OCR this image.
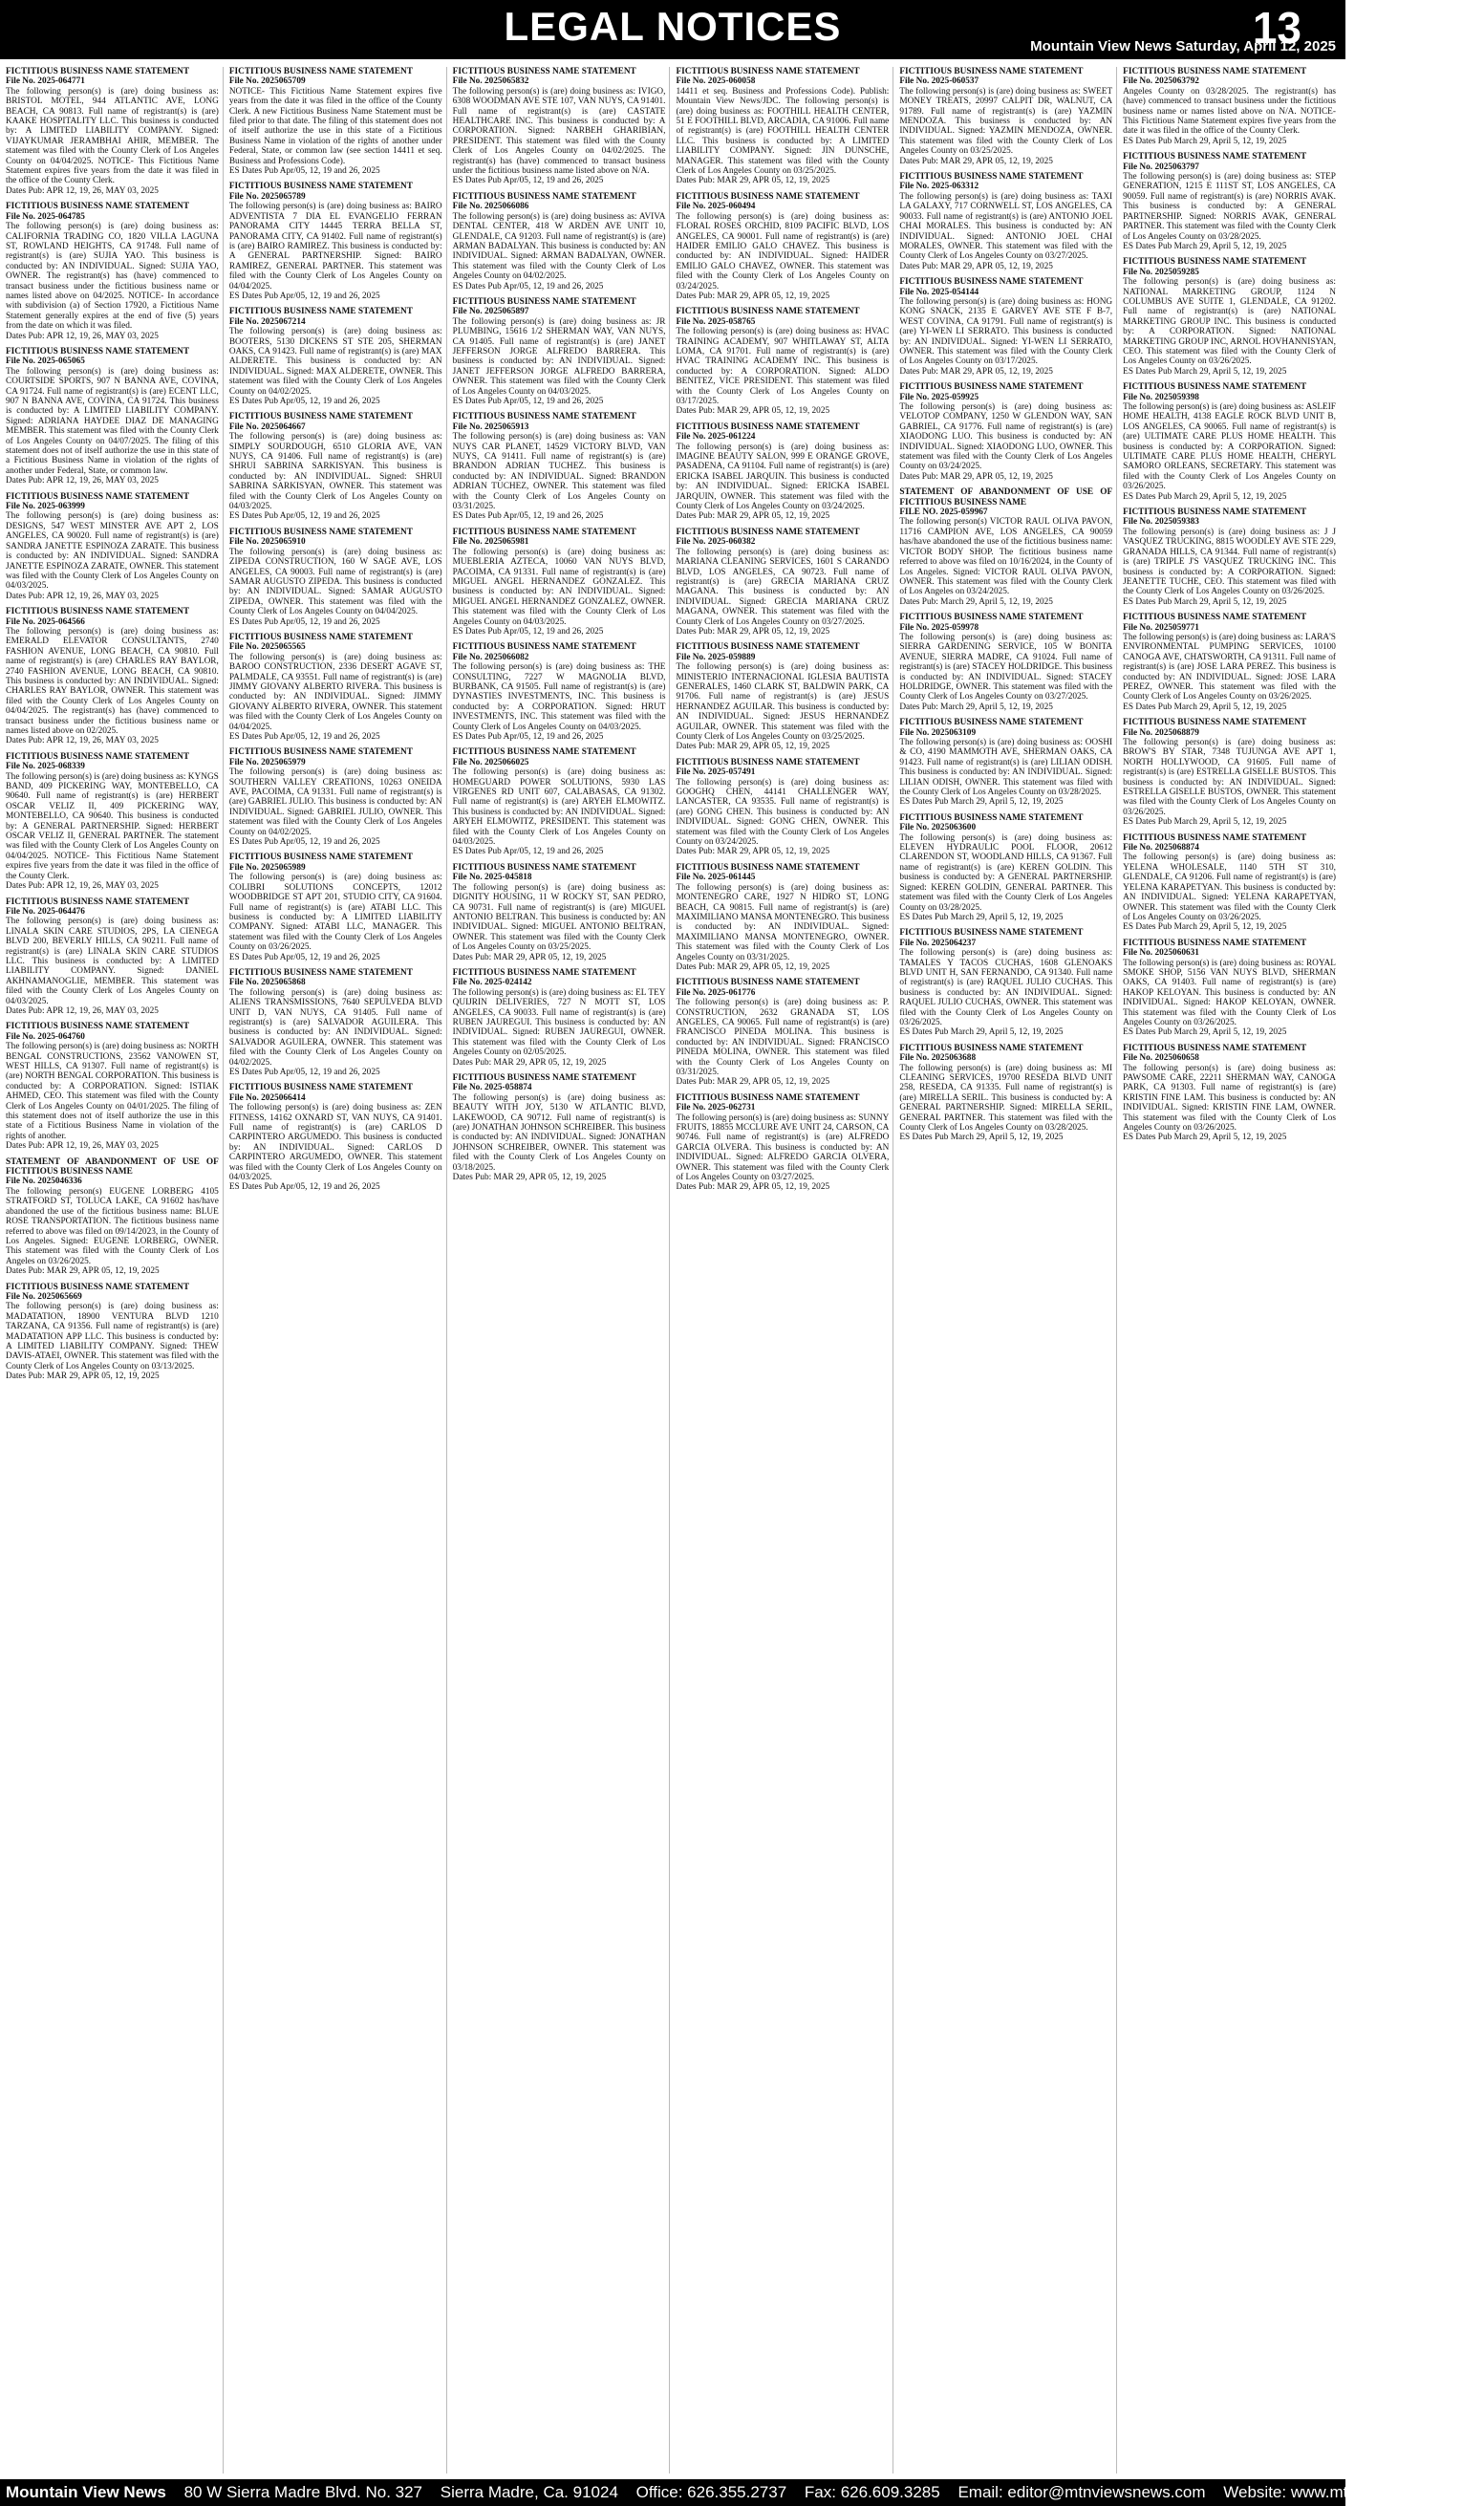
LEGAL NOTICES	13
Mountain View News Saturday, April 12, 2025
FICTITIOUS BUSINESS NAME STATEMENT
File No. 2025-064771
The following person(s) is (are) doing business as: BRISTOL MOTEL, 944 ATLANTIC AVE, LONG BEACH, CA 90813. Full name of registrant(s) is (are) KAAKE HOSPITALITY LLC. This business is conducted by: A LIMITED LIABILITY COMPANY. Signed: VIJAYKUMAR JERAMBHAI AHIR, MEMBER. The statement was filed with the County Clerk of Los Angeles County on 04/04/2025. NOTICE- This Fictitious Name Statement expires five years from the date it was filed in the office of the County Clerk.
Dates Pub: APR 12, 19, 26, MAY 03, 2025
FICTITIOUS BUSINESS NAME STATEMENT
File No. 2025-064785
The following person(s) is (are) doing business as: CALIFORNIA TRADING CO, 1820 VILLA LAGUNA ST, ROWLAND HEIGHTS, CA 91748. Full name of registrant(s) is (are) SUJIA YAO. This business is conducted by: AN INDIVIDUAL. Signed: SUJIA YAO, OWNER. The registrant(s) has (have) commenced to transact business under the fictitious business name or names listed above on 04/2025. NOTICE- In accordance with subdivision (a) of Section 17920, a Fictitious Name Statement generally expires at the end of five (5) years from the date on which it was filed.
Dates Pub: APR 12, 19, 26, MAY 03, 2025
FICTITIOUS BUSINESS NAME STATEMENT
File No. 2025-065065
The following person(s) is (are) doing business as: COURTSIDE SPORTS, 907 N BANNA AVE, COVINA, CA 91724. Full name of registrant(s) is (are) ECENT LLC, 907 N BANNA AVE, COVINA, CA 91724. This business is conducted by: A LIMITED LIABILITY COMPANY. Signed: ADRIANA HAYDEE DIAZ DE MANAGING MEMBER. This statement was filed with the County Clerk of Los Angeles County on 04/07/2025. The filing of this statement does not of itself authorize the use in this state of a Fictitious Business Name in violation of the rights of another under Federal, State, or common law.
Dates Pub: APR 12, 19, 26, MAY 03, 2025
FICTITIOUS BUSINESS NAME STATEMENT
File No. 2025-063999
The following person(s) is (are) doing business as: DESIGNS, 547 WEST MINSTER AVE APT 2, LOS ANGELES, CA 90020. Full name of registrant(s) is (are) SANDRA JANETTE ESPINOZA ZARATE. This business is conducted by: AN INDIVIDUAL. Signed: SANDRA JANETTE ESPINOZA ZARATE, OWNER. This statement was filed with the County Clerk of Los Angeles County on 04/03/2025.
Dates Pub: APR 12, 19, 26, MAY 03, 2025
FICTITIOUS BUSINESS NAME STATEMENT
File No. 2025-064566
The following person(s) is (are) doing business as: EMERALD ELEVATOR CONSULTANTS, 2740 FASHION AVENUE, LONG BEACH, CA 90810. Full name of registrant(s) is (are) CHARLES RAY BAYLOR, 2740 FASHION AVENUE, LONG BEACH, CA 90810. This business is conducted by: AN INDIVIDUAL. Signed: CHARLES RAY BAYLOR, OWNER. This statement was filed with the County Clerk of Los Angeles County on 04/04/2025. The registrant(s) has (have) commenced to transact business under the fictitious business name or names listed above on 02/2025.
Dates Pub: APR 12, 19, 26, MAY 03, 2025
FICTITIOUS BUSINESS NAME STATEMENT
File No. 2025-068339
The following person(s) is (are) doing business as: KYNGS BAND, 409 PICKERING WAY, MONTEBELLO, CA 90640. Full name of registrant(s) is (are) HERBERT OSCAR VELIZ II, 409 PICKERING WAY, MONTEBELLO, CA 90640. This business is conducted by: A GENERAL PARTNERSHIP. Signed: HERBERT OSCAR VELIZ II, GENERAL PARTNER. The statement was filed with the County Clerk of Los Angeles County on 04/04/2025. NOTICE- This Fictitious Name Statement expires five years from the date it was filed in the office of the County Clerk.
Dates Pub: APR 12, 19, 26, MAY 03, 2025
FICTITIOUS BUSINESS NAME STATEMENT
File No. 2025-064476
The following person(s) is (are) doing business as: LINALA SKIN CARE STUDIOS, 2PS, LA CIENEGA BLVD 200, BEVERLY HILLS, CA 90211. Full name of registrant(s) is (are) LINALA SKIN CARE STUDIOS LLC. This business is conducted by: A LIMITED LIABILITY COMPANY. Signed: DANIEL AKHNAMANOGLIE, MEMBER. This statement was filed with the County Clerk of Los Angeles County on 04/03/2025.
Dates Pub: APR 12, 19, 26, MAY 03, 2025
FICTITIOUS BUSINESS NAME STATEMENT
File No. 2025-064760
The following person(s) is (are) doing business as: NORTH BENGAL CONSTRUCTIONS, 23562 VANOWEN ST, WEST HILLS, CA 91307. Full name of registrant(s) is (are) NORTH BENGAL CORPORATION. This business is conducted by: A CORPORATION. Signed: ISTIAK AHMED, CEO. This statement was filed with the County Clerk of Los Angeles County on 04/01/2025. The filing of this statement does not of itself authorize the use in this state of a Fictitious Business Name in violation of the rights of another.
Dates Pub: APR 12, 19, 26, MAY 03, 2025
STATEMENT OF ABANDONMENT OF USE OF FICTITIOUS BUSINESS NAME
File No. 2025046336
The following person(s) EUGENE LORBERG 4105 STRATFORD ST, TOLUCA LAKE, CA 91602 has/have abandoned the use of the fictitious business name: BLUE ROSE TRANSPORTATION. The fictitious business name referred to above was filed on 09/14/2023, in the County of Los Angeles. Signed: EUGENE LORBERG, OWNER. This statement was filed with the County Clerk of Los Angeles on 03/26/2025.
Dates Pub: MAR 29, APR 05, 12, 19, 2025
FICTITIOUS BUSINESS NAME STATEMENT
File No. 2025065669
The following person(s) is (are) doing business as: MADATATION, 18900 VENTURA BLVD 1210 TARZANA, CA 91356. Full name of registrant(s) is (are) MADATATION APP LLC. This business is conducted by: A LIMITED LIABILITY COMPANY. Signed: THEW DAVIS-ATAEI, OWNER. This statement was filed with the County Clerk of Los Angeles County on 03/13/2025.
Dates Pub: MAR 29, APR 05, 12, 19, 2025
FICTITIOUS BUSINESS NAME STATEMENT
File No. 2025065709
NOTICE- This Fictitious Name Statement expires five years from the date it was filed in the office of the County Clerk. A new Fictitious Business Name Statement must be filed prior to that date. The filing of this statement does not of itself authorize the use in this state of a Fictitious Business Name in violation of the rights of another under Federal, State, or common law (see section 14411 et seq. Business and Professions Code).
ES Dates Pub Apr/05, 12, 19 and 26, 2025
FICTITIOUS BUSINESS NAME STATEMENT
File No. 2025065789
The following person(s) is (are) doing business as: BAIRO ADVENTISTA 7 DIA EL EVANGELIO FERRAN PANORAMA CITY 14445 TERRA BELLA ST, PANORAMA CITY, CA 91402. Full name of registrant(s) is (are) BAIRO RAMIREZ. This business is conducted by: A GENERAL PARTNERSHIP. Signed: BAIRO RAMIREZ, GENERAL PARTNER. This statement was filed with the County Clerk of Los Angeles County on 04/04/2025.
ES Dates Pub Apr/05, 12, 19 and 26, 2025
FICTITIOUS BUSINESS NAME STATEMENT
File No. 2025067214
The following person(s) is (are) doing business as: BOOTERS, 5130 DICKENS ST STE 205, SHERMAN OAKS, CA 91423. Full name of registrant(s) is (are) MAX ALDERETE. This business is conducted by: AN INDIVIDUAL. Signed: MAX ALDERETE, OWNER. This statement was filed with the County Clerk of Los Angeles County on 04/02/2025.
ES Dates Pub Apr/05, 12, 19 and 26, 2025
FICTITIOUS BUSINESS NAME STATEMENT
File No. 2025064667
The following person(s) is (are) doing business as: SIMPLY SOURDOUGH, 6510 GLORIA AVE, VAN NUYS, CA 91406. Full name of registrant(s) is (are) SHRUI SABRINA SARKISYAN. This business is conducted by: AN INDIVIDUAL. Signed: SHRUI SABRINA SARKISYAN, OWNER. This statement was filed with the County Clerk of Los Angeles County on 04/03/2025.
ES Dates Pub Apr/05, 12, 19 and 26, 2025
FICTITIOUS BUSINESS NAME STATEMENT
File No. 2025065910
The following person(s) is (are) doing business as: ZIPEDA CONSTRUCTION, 160 W SAGE AVE, LOS ANGELES, CA 90003. Full name of registrant(s) is (are) SAMAR AUGUSTO ZIPEDA. This business is conducted by: AN INDIVIDUAL. Signed: SAMAR AUGUSTO ZIPEDA, OWNER. This statement was filed with the County Clerk of Los Angeles County on 04/04/2025.
ES Dates Pub Apr/05, 12, 19 and 26, 2025
FICTITIOUS BUSINESS NAME STATEMENT
File No. 2025065565
The following person(s) is (are) doing business as: BAROO CONSTRUCTION, 2336 DESERT AGAVE ST, PALMDALE, CA 93551. Full name of registrant(s) is (are) JIMMY GIOVANY ALBERTO RIVERA. This business is conducted by: AN INDIVIDUAL. Signed: JIMMY GIOVANY ALBERTO RIVERA, OWNER. This statement was filed with the County Clerk of Los Angeles County on 04/04/2025.
ES Dates Pub Apr/05, 12, 19 and 26, 2025
FICTITIOUS BUSINESS NAME STATEMENT
File No. 2025065979
The following person(s) is (are) doing business as: SOUTHERN VALLEY CREATIONS, 10263 ONEIDA AVE, PACOIMA, CA 91331. Full name of registrant(s) is (are) GABRIEL JULIO. This business is conducted by: AN INDIVIDUAL. Signed: GABRIEL JULIO, OWNER. This statement was filed with the County Clerk of Los Angeles County on 04/02/2025.
ES Dates Pub Apr/05, 12, 19 and 26, 2025
FICTITIOUS BUSINESS NAME STATEMENT
File No. 2025065989
The following person(s) is (are) doing business as: COLIBRI SOLUTIONS CONCEPTS, 12012 WOODBRIDGE ST APT 201, STUDIO CITY, CA 91604. Full name of registrant(s) is (are) ATABI LLC. This business is conducted by: A LIMITED LIABILITY COMPANY. Signed: ATABI LLC, MANAGER. This statement was filed with the County Clerk of Los Angeles County on 03/26/2025.
ES Dates Pub Apr/05, 12, 19 and 26, 2025
FICTITIOUS BUSINESS NAME STATEMENT
File No. 2025065868
The following person(s) is (are) doing business as: ALIENS TRANSMISSIONS, 7640 SEPULVEDA BLVD UNIT D, VAN NUYS, CA 91405. Full name of registrant(s) is (are) SALVADOR AGUILERA. This business is conducted by: AN INDIVIDUAL. Signed: SALVADOR AGUILERA, OWNER. This statement was filed with the County Clerk of Los Angeles County on 04/02/2025.
ES Dates Pub Apr/05, 12, 19 and 26, 2025
FICTITIOUS BUSINESS NAME STATEMENT
File No. 2025066414
The following person(s) is (are) doing business as: ZEN FITNESS, 14162 OXNARD ST, VAN NUYS, CA 91401. Full name of registrant(s) is (are) CARLOS D CARPINTERO ARGUMEDO. This business is conducted by: AN INDIVIDUAL. Signed: CARLOS D CARPINTERO ARGUMEDO, OWNER. This statement was filed with the County Clerk of Los Angeles County on 04/03/2025.
ES Dates Pub Apr/05, 12, 19 and 26, 2025
FICTITIOUS BUSINESS NAME STATEMENT
File No. 2025065832
The following person(s) is (are) doing business as: IVIGO, 6308 WOODMAN AVE STE 107, VAN NUYS, CA 91401. Full name of registrant(s) is (are) CASTATE HEALTHCARE INC. This business is conducted by: A CORPORATION. Signed: NARBEH GHARIBIAN, PRESIDENT. This statement was filed with the County Clerk of Los Angeles County on 04/02/2025. The registrant(s) has (have) commenced to transact business under the fictitious business name listed above on N/A.
ES Dates Pub Apr/05, 12, 19 and 26, 2025
FICTITIOUS BUSINESS NAME STATEMENT
File No. 2025066086
The following person(s) is (are) doing business as: AVIVA DENTAL CENTER, 418 W ARDEN AVE UNIT 10, GLENDALE, CA 91203. Full name of registrant(s) is (are) ARMAN BADALYAN. This business is conducted by: AN INDIVIDUAL. Signed: ARMAN BADALYAN, OWNER. This statement was filed with the County Clerk of Los Angeles County on 04/02/2025.
ES Dates Pub Apr/05, 12, 19 and 26, 2025
FICTITIOUS BUSINESS NAME STATEMENT
File No. 2025065897
The following person(s) is (are) doing business as: JR PLUMBING, 15616 1/2 SHERMAN WAY, VAN NUYS, CA 91405. Full name of registrant(s) is (are) JANET JEFFERSON JORGE ALFREDO BARRERA. This business is conducted by: AN INDIVIDUAL. Signed: JANET JEFFERSON JORGE ALFREDO BARRERA, OWNER. This statement was filed with the County Clerk of Los Angeles County on 04/03/2025.
ES Dates Pub Apr/05, 12, 19 and 26, 2025
FICTITIOUS BUSINESS NAME STATEMENT
File No. 2025065913
The following person(s) is (are) doing business as: VAN NUYS CAR PLANET, 14529 VICTORY BLVD, VAN NUYS, CA 91411. Full name of registrant(s) is (are) BRANDON ADRIAN TUCHEZ. This business is conducted by: AN INDIVIDUAL. Signed: BRANDON ADRIAN TUCHEZ, OWNER. This statement was filed with the County Clerk of Los Angeles County on 03/31/2025.
ES Dates Pub Apr/05, 12, 19 and 26, 2025
FICTITIOUS BUSINESS NAME STATEMENT
File No. 2025065981
The following person(s) is (are) doing business as: MUEBLERIA AZTECA, 10060 VAN NUYS BLVD, PACOIMA, CA 91331. Full name of registrant(s) is (are) MIGUEL ANGEL HERNANDEZ GONZALEZ. This business is conducted by: AN INDIVIDUAL. Signed: MIGUEL ANGEL HERNANDEZ GONZALEZ, OWNER. This statement was filed with the County Clerk of Los Angeles County on 04/03/2025.
ES Dates Pub Apr/05, 12, 19 and 26, 2025
FICTITIOUS BUSINESS NAME STATEMENT
File No. 2025066082
The following person(s) is (are) doing business as: THE CONSULTING, 7227 W MAGNOLIA BLVD, BURBANK, CA 91505. Full name of registrant(s) is (are) DYNASTIES INVESTMENTS, INC. This business is conducted by: A CORPORATION. Signed: HRUT INVESTMENTS, INC. This statement was filed with the County Clerk of Los Angeles County on 04/03/2025.
ES Dates Pub Apr/05, 12, 19 and 26, 2025
FICTITIOUS BUSINESS NAME STATEMENT
File No. 2025066025
The following person(s) is (are) doing business as: HOMEGUARD POWER SOLUTIONS, 5930 LAS VIRGENES RD UNIT 607, CALABASAS, CA 91302. Full name of registrant(s) is (are) ARYEH ELMOWITZ. This business is conducted by: AN INDIVIDUAL. Signed: ARYEH ELMOWITZ, PRESIDENT. This statement was filed with the County Clerk of Los Angeles County on 04/03/2025.
ES Dates Pub Apr/05, 12, 19 and 26, 2025
FICTITIOUS BUSINESS NAME STATEMENT
File No. 2025-045818
The following person(s) is (are) doing business as: DIGNITY HOUSING, 11 W ROCKY ST, SAN PEDRO, CA 90731. Full name of registrant(s) is (are) MIGUEL ANTONIO BELTRAN. This business is conducted by: AN INDIVIDUAL. Signed: MIGUEL ANTONIO BELTRAN, OWNER. This statement was filed with the County Clerk of Los Angeles County on 03/25/2025.
Dates Pub: MAR 29, APR 05, 12, 19, 2025
FICTITIOUS BUSINESS NAME STATEMENT
File No. 2025-024142
The following person(s) is (are) doing business as: EL TEY QUIJRIN DELIVERIES, 727 N MOTT ST, LOS ANGELES, CA 90033. Full name of registrant(s) is (are) RUBEN JAUREGUI. This business is conducted by: AN INDIVIDUAL. Signed: RUBEN JAUREGUI, OWNER. This statement was filed with the County Clerk of Los Angeles County on 02/05/2025.
Dates Pub: MAR 29, APR 05, 12, 19, 2025
FICTITIOUS BUSINESS NAME STATEMENT
File No. 2025-058874
The following person(s) is (are) doing business as: BEAUTY WITH JOY, 5130 W ATLANTIC BLVD, LAKEWOOD, CA 90712. Full name of registrant(s) is (are) JONATHAN JOHNSON SCHREIBER. This business is conducted by: AN INDIVIDUAL. Signed: JONATHAN JOHNSON SCHREIBER, OWNER. This statement was filed with the County Clerk of Los Angeles County on 03/18/2025.
Dates Pub: MAR 29, APR 05, 12, 19, 2025
FICTITIOUS BUSINESS NAME STATEMENT
File No. 2025-060058
14411 et seq. Business and Professions Code). Publish: Mountain View News/JDC. The following person(s) is (are) doing business as: FOOTHILL HEALTH CENTER, 51 E FOOTHILL BLVD, ARCADIA, CA 91006. Full name of registrant(s) is (are) FOOTHILL HEALTH CENTER LLC. This business is conducted by: A LIMITED LIABILITY COMPANY. Signed: JIN DUNSCHE, MANAGER. This statement was filed with the County Clerk of Los Angeles County on 03/25/2025.
Dates Pub: MAR 29, APR 05, 12, 19, 2025
FICTITIOUS BUSINESS NAME STATEMENT
File No. 2025-060494
The following person(s) is (are) doing business as: FLORAL ROSES ORCHID, 8109 PACIFIC BLVD, LOS ANGELES, CA 90001. Full name of registrant(s) is (are) HAIDER EMILIO GALO CHAVEZ. This business is conducted by: AN INDIVIDUAL. Signed: HAIDER EMILIO GALO CHAVEZ, OWNER. This statement was filed with the County Clerk of Los Angeles County on 03/24/2025.
Dates Pub: MAR 29, APR 05, 12, 19, 2025
FICTITIOUS BUSINESS NAME STATEMENT
File No. 2025-058765
The following person(s) is (are) doing business as: HVAC TRAINING ACADEMY, 907 WHITLAWAY ST, ALTA LOMA, CA 91701. Full name of registrant(s) is (are) HVAC TRAINING ACADEMY INC. This business is conducted by: A CORPORATION. Signed: ALDO BENITEZ, VICE PRESIDENT. This statement was filed with the County Clerk of Los Angeles County on 03/17/2025.
Dates Pub: MAR 29, APR 05, 12, 19, 2025
FICTITIOUS BUSINESS NAME STATEMENT
File No. 2025-061224
The following person(s) is (are) doing business as: IMAGINE BEAUTY SALON, 999 E ORANGE GROVE, PASADENA, CA 91104. Full name of registrant(s) is (are) ERICKA ISABEL JARQUIN. This business is conducted by: AN INDIVIDUAL. Signed: ERICKA ISABEL JARQUIN, OWNER. This statement was filed with the County Clerk of Los Angeles County on 03/24/2025.
Dates Pub: MAR 29, APR 05, 12, 19, 2025
FICTITIOUS BUSINESS NAME STATEMENT
File No. 2025-060382
The following person(s) is (are) doing business as: MARIANA CLEANING SERVICES, 1601 S CARANDO BLVD, LOS ANGELES, CA 90723. Full name of registrant(s) is (are) GRECIA MARIANA CRUZ MAGANA. This business is conducted by: AN INDIVIDUAL. Signed: GRECIA MARIANA CRUZ MAGANA, OWNER. This statement was filed with the County Clerk of Los Angeles County on 03/27/2025.
Dates Pub: MAR 29, APR 05, 12, 19, 2025
FICTITIOUS BUSINESS NAME STATEMENT
File No. 2025-059889
The following person(s) is (are) doing business as: MINISTERIO INTERNACIONAL IGLESIA BAUTISTA GENERALES, 1460 CLARK ST, BALDWIN PARK, CA 91706. Full name of registrant(s) is (are) JESUS HERNANDEZ AGUILAR. This business is conducted by: AN INDIVIDUAL. Signed: JESUS HERNANDEZ AGUILAR, OWNER. This statement was filed with the County Clerk of Los Angeles County on 03/25/2025.
Dates Pub: MAR 29, APR 05, 12, 19, 2025
FICTITIOUS BUSINESS NAME STATEMENT
File No. 2025-057491
The following person(s) is (are) doing business as: GOOGHQ CHEN, 44141 CHALLENGER WAY, LANCASTER, CA 93535. Full name of registrant(s) is (are) GONG CHEN. This business is conducted by: AN INDIVIDUAL. Signed: GONG CHEN, OWNER. This statement was filed with the County Clerk of Los Angeles County on 03/24/2025.
Dates Pub: MAR 29, APR 05, 12, 19, 2025
FICTITIOUS BUSINESS NAME STATEMENT
File No. 2025-061445
The following person(s) is (are) doing business as: MONTENEGRO CARE, 1927 N HIDRO ST, LONG BEACH, CA 90815. Full name of registrant(s) is (are) MAXIMILIANO MANSA MONTENEGRO. This business is conducted by: AN INDIVIDUAL. Signed: MAXIMILIANO MANSA MONTENEGRO, OWNER. This statement was filed with the County Clerk of Los Angeles County on 03/31/2025.
Dates Pub: MAR 29, APR 05, 12, 19, 2025
FICTITIOUS BUSINESS NAME STATEMENT
File No. 2025-061776
The following person(s) is (are) doing business as: P. CONSTRUCTION, 2632 GRANADA ST, LOS ANGELES, CA 90065. Full name of registrant(s) is (are) FRANCISCO PINEDA MOLINA. This business is conducted by: AN INDIVIDUAL. Signed: FRANCISCO PINEDA MOLINA, OWNER. This statement was filed with the County Clerk of Los Angeles County on 03/31/2025.
Dates Pub: MAR 29, APR 05, 12, 19, 2025
FICTITIOUS BUSINESS NAME STATEMENT
File No. 2025-062731
The following person(s) is (are) doing business as: SUNNY FRUITS, 18855 MCCLURE AVE UNIT 24, CARSON, CA 90746. Full name of registrant(s) is (are) ALFREDO GARCIA OLVERA. This business is conducted by: AN INDIVIDUAL. Signed: ALFREDO GARCIA OLVERA, OWNER. This statement was filed with the County Clerk of Los Angeles County on 03/27/2025.
Dates Pub: MAR 29, APR 05, 12, 19, 2025
FICTITIOUS BUSINESS NAME STATEMENT
File No. 2025-060537
The following person(s) is (are) doing business as: SWEET MONEY TREATS, 20997 CALPIT DR, WALNUT, CA 91789. Full name of registrant(s) is (are) YAZMIN MENDOZA. This business is conducted by: AN INDIVIDUAL. Signed: YAZMIN MENDOZA, OWNER. This statement was filed with the County Clerk of Los Angeles County on 03/25/2025.
Dates Pub: MAR 29, APR 05, 12, 19, 2025
FICTITIOUS BUSINESS NAME STATEMENT
File No. 2025-063312
The following person(s) is (are) doing business as: TAXI LA GALAXY, 717 CORNWELL ST, LOS ANGELES, CA 90033. Full name of registrant(s) is (are) ANTONIO JOEL CHAI MORALES. This business is conducted by: AN INDIVIDUAL. Signed: ANTONIO JOEL CHAI MORALES, OWNER. This statement was filed with the County Clerk of Los Angeles County on 03/27/2025.
Dates Pub: MAR 29, APR 05, 12, 19, 2025
FICTITIOUS BUSINESS NAME STATEMENT
File No. 2025-054144
The following person(s) is (are) doing business as: HONG KONG SNACK, 2135 E GARVEY AVE STE F B-7, WEST COVINA, CA 91791. Full name of registrant(s) is (are) YI-WEN LI SERRATO. This business is conducted by: AN INDIVIDUAL. Signed: YI-WEN LI SERRATO, OWNER. This statement was filed with the County Clerk of Los Angeles County on 03/17/2025.
Dates Pub: MAR 29, APR 05, 12, 19, 2025
FICTITIOUS BUSINESS NAME STATEMENT
File No. 2025-059925
The following person(s) is (are) doing business as: VELOTOP COMPANY, 1250 W GLENDON WAY, SAN GABRIEL, CA 91776. Full name of registrant(s) is (are) XIAODONG LUO. This business is conducted by: AN INDIVIDUAL. Signed: XIAODONG LUO, OWNER. This statement was filed with the County Clerk of Los Angeles County on 03/24/2025.
Dates Pub: MAR 29, APR 05, 12, 19, 2025
STATEMENT OF ABANDONMENT OF USE OF FICTITIOUS BUSINESS NAME
FILE NO. 2025-059967
The following person(s) VICTOR RAUL OLIVA PAVON, 11716 CAMPION AVE, LOS ANGELES, CA 90059 has/have abandoned the use of the fictitious business name: VICTOR BODY SHOP. The fictitious business name referred to above was filed on 10/16/2024, in the County of Los Angeles. Signed: VICTOR RAUL OLIVA PAVON, OWNER. This statement was filed with the County Clerk of Los Angeles on 03/24/2025.
Dates Pub: March 29, April 5, 12, 19, 2025
FICTITIOUS BUSINESS NAME STATEMENT
File No. 2025-059978
The following person(s) is (are) doing business as: SIERRA GARDENING SERVICE, 105 W BONITA AVENUE, SIERRA MADRE, CA 91024. Full name of registrant(s) is (are) STACEY HOLDRIDGE. This business is conducted by: AN INDIVIDUAL. Signed: STACEY HOLDRIDGE, OWNER. This statement was filed with the County Clerk of Los Angeles County on 03/27/2025.
Dates Pub: March 29, April 5, 12, 19, 2025
FICTITIOUS BUSINESS NAME STATEMENT
File No. 2025063109
The following person(s) is (are) doing business as: OOSHI & CO, 4190 MAMMOTH AVE, SHERMAN OAKS, CA 91423. Full name of registrant(s) is (are) LILIAN ODISH. This business is conducted by: AN INDIVIDUAL. Signed: LILIAN ODISH, OWNER. This statement was filed with the County Clerk of Los Angeles County on 03/28/2025.
ES Dates Pub March 29, April 5, 12, 19, 2025
FICTITIOUS BUSINESS NAME STATEMENT
File No. 2025063600
The following person(s) is (are) doing business as: ELEVEN HYDRAULIC POOL FLOOR, 20612 CLARENDON ST, WOODLAND HILLS, CA 91367. Full name of registrant(s) is (are) KEREN GOLDIN. This business is conducted by: A GENERAL PARTNERSHIP. Signed: KEREN GOLDIN, GENERAL PARTNER. This statement was filed with the County Clerk of Los Angeles County on 03/28/2025.
ES Dates Pub March 29, April 5, 12, 19, 2025
FICTITIOUS BUSINESS NAME STATEMENT
File No. 2025064237
The following person(s) is (are) doing business as: TAMALES Y TACOS CUCHAS, 1608 GLENOAKS BLVD UNIT H, SAN FERNANDO, CA 91340. Full name of registrant(s) is (are) RAQUEL JULIO CUCHAS. This business is conducted by: AN INDIVIDUAL. Signed: RAQUEL JULIO CUCHAS, OWNER. This statement was filed with the County Clerk of Los Angeles County on 03/26/2025.
ES Dates Pub March 29, April 5, 12, 19, 2025
FICTITIOUS BUSINESS NAME STATEMENT
File No. 2025063688
The following person(s) is (are) doing business as: MI CLEANING SERVICES, 19700 RESEDA BLVD UNIT 258, RESEDA, CA 91335. Full name of registrant(s) is (are) MIRELLA SERIL. This business is conducted by: A GENERAL PARTNERSHIP. Signed: MIRELLA SERIL, GENERAL PARTNER. This statement was filed with the County Clerk of Los Angeles County on 03/28/2025.
ES Dates Pub March 29, April 5, 12, 19, 2025
FICTITIOUS BUSINESS NAME STATEMENT
File No. 2025063792
Angeles County on 03/28/2025. The registrant(s) has (have) commenced to transact business under the fictitious business name or names listed above on N/A. NOTICE- This Fictitious Name Statement expires five years from the date it was filed in the office of the County Clerk.
ES Dates Pub March 29, April 5, 12, 19, 2025
FICTITIOUS BUSINESS NAME STATEMENT
File No. 2025063797
The following person(s) is (are) doing business as: STEP GENERATION, 1215 E 111ST ST, LOS ANGELES, CA 90059. Full name of registrant(s) is (are) NORRIS AVAK. This business is conducted by: A GENERAL PARTNERSHIP. Signed: NORRIS AVAK, GENERAL PARTNER. This statement was filed with the County Clerk of Los Angeles County on 03/28/2025.
ES Dates Pub March 29, April 5, 12, 19, 2025
FICTITIOUS BUSINESS NAME STATEMENT
File No. 2025059285
The following person(s) is (are) doing business as: NATIONAL MARKETING GROUP, 1124 N COLUMBUS AVE SUITE 1, GLENDALE, CA 91202. Full name of registrant(s) is (are) NATIONAL MARKETING GROUP INC. This business is conducted by: A CORPORATION. Signed: NATIONAL MARKETING GROUP INC, ARNOL HOVHANNISYAN, CEO. This statement was filed with the County Clerk of Los Angeles County on 03/26/2025.
ES Dates Pub March 29, April 5, 12, 19, 2025
FICTITIOUS BUSINESS NAME STATEMENT
File No. 2025059398
The following person(s) is (are) doing business as: ASLEIF HOME HEALTH, 4138 EAGLE ROCK BLVD UNIT B, LOS ANGELES, CA 90065. Full name of registrant(s) is (are) ULTIMATE CARE PLUS HOME HEALTH. This business is conducted by: A CORPORATION. Signed: ULTIMATE CARE PLUS HOME HEALTH, CHERYL SAMORO ORLEANS, SECRETARY. This statement was filed with the County Clerk of Los Angeles County on 03/26/2025.
ES Dates Pub March 29, April 5, 12, 19, 2025
FICTITIOUS BUSINESS NAME STATEMENT
File No. 2025059383
The following person(s) is (are) doing business as: J J VASQUEZ TRUCKING, 8815 WOODLEY AVE STE 229, GRANADA HILLS, CA 91344. Full name of registrant(s) is (are) TRIPLE J'S VASQUEZ TRUCKING INC. This business is conducted by: A CORPORATION. Signed: JEANETTE TUCHE, CEO. This statement was filed with the County Clerk of Los Angeles County on 03/26/2025.
ES Dates Pub March 29, April 5, 12, 19, 2025
FICTITIOUS BUSINESS NAME STATEMENT
File No. 2025059771
The following person(s) is (are) doing business as: LARA'S ENVIRONMENTAL PUMPING SERVICES, 10100 CANOGA AVE, CHATSWORTH, CA 91311. Full name of registrant(s) is (are) JOSE LARA PEREZ. This business is conducted by: AN INDIVIDUAL. Signed: JOSE LARA PEREZ, OWNER. This statement was filed with the County Clerk of Los Angeles County on 03/26/2025.
ES Dates Pub March 29, April 5, 12, 19, 2025
FICTITIOUS BUSINESS NAME STATEMENT
File No. 2025068879
The following person(s) is (are) doing business as: BROW'S BY STAR, 7348 TUJUNGA AVE APT 1, NORTH HOLLYWOOD, CA 91605. Full name of registrant(s) is (are) ESTRELLA GISELLE BUSTOS. This business is conducted by: AN INDIVIDUAL. Signed: ESTRELLA GISELLE BUSTOS, OWNER. This statement was filed with the County Clerk of Los Angeles County on 03/26/2025.
ES Dates Pub March 29, April 5, 12, 19, 2025
FICTITIOUS BUSINESS NAME STATEMENT
File No. 2025068874
The following person(s) is (are) doing business as: YELENA WHOLESALE, 1140 5TH ST 310, GLENDALE, CA 91206. Full name of registrant(s) is (are) YELENA KARAPETYAN. This business is conducted by: AN INDIVIDUAL. Signed: YELENA KARAPETYAN, OWNER. This statement was filed with the County Clerk of Los Angeles County on 03/26/2025.
ES Dates Pub March 29, April 5, 12, 19, 2025
FICTITIOUS BUSINESS NAME STATEMENT
File No. 2025060631
The following person(s) is (are) doing business as: ROYAL SMOKE SHOP, 5156 VAN NUYS BLVD, SHERMAN OAKS, CA 91403. Full name of registrant(s) is (are) HAKOP KELOYAN. This business is conducted by: AN INDIVIDUAL. Signed: HAKOP KELOYAN, OWNER. This statement was filed with the County Clerk of Los Angeles County on 03/26/2025.
ES Dates Pub March 29, April 5, 12, 19, 2025
FICTITIOUS BUSINESS NAME STATEMENT
File No. 2025060658
The following person(s) is (are) doing business as: PAWSOME CARE, 22211 SHERMAN WAY, CANOGA PARK, CA 91303. Full name of registrant(s) is (are) KRISTIN FINE LAM. This business is conducted by: AN INDIVIDUAL. Signed: KRISTIN FINE LAM, OWNER. This statement was filed with the County Clerk of Los Angeles County on 03/26/2025.
ES Dates Pub March 29, April 5, 12, 19, 2025
Mountain View News 80 W Sierra Madre Blvd. No. 327 Sierra Madre, Ca. 91024 Office: 626.355.2737 Fax: 626.609.3285 Email: editor@mtnviewsnews.com Website: www.mtnviewsnews.com
